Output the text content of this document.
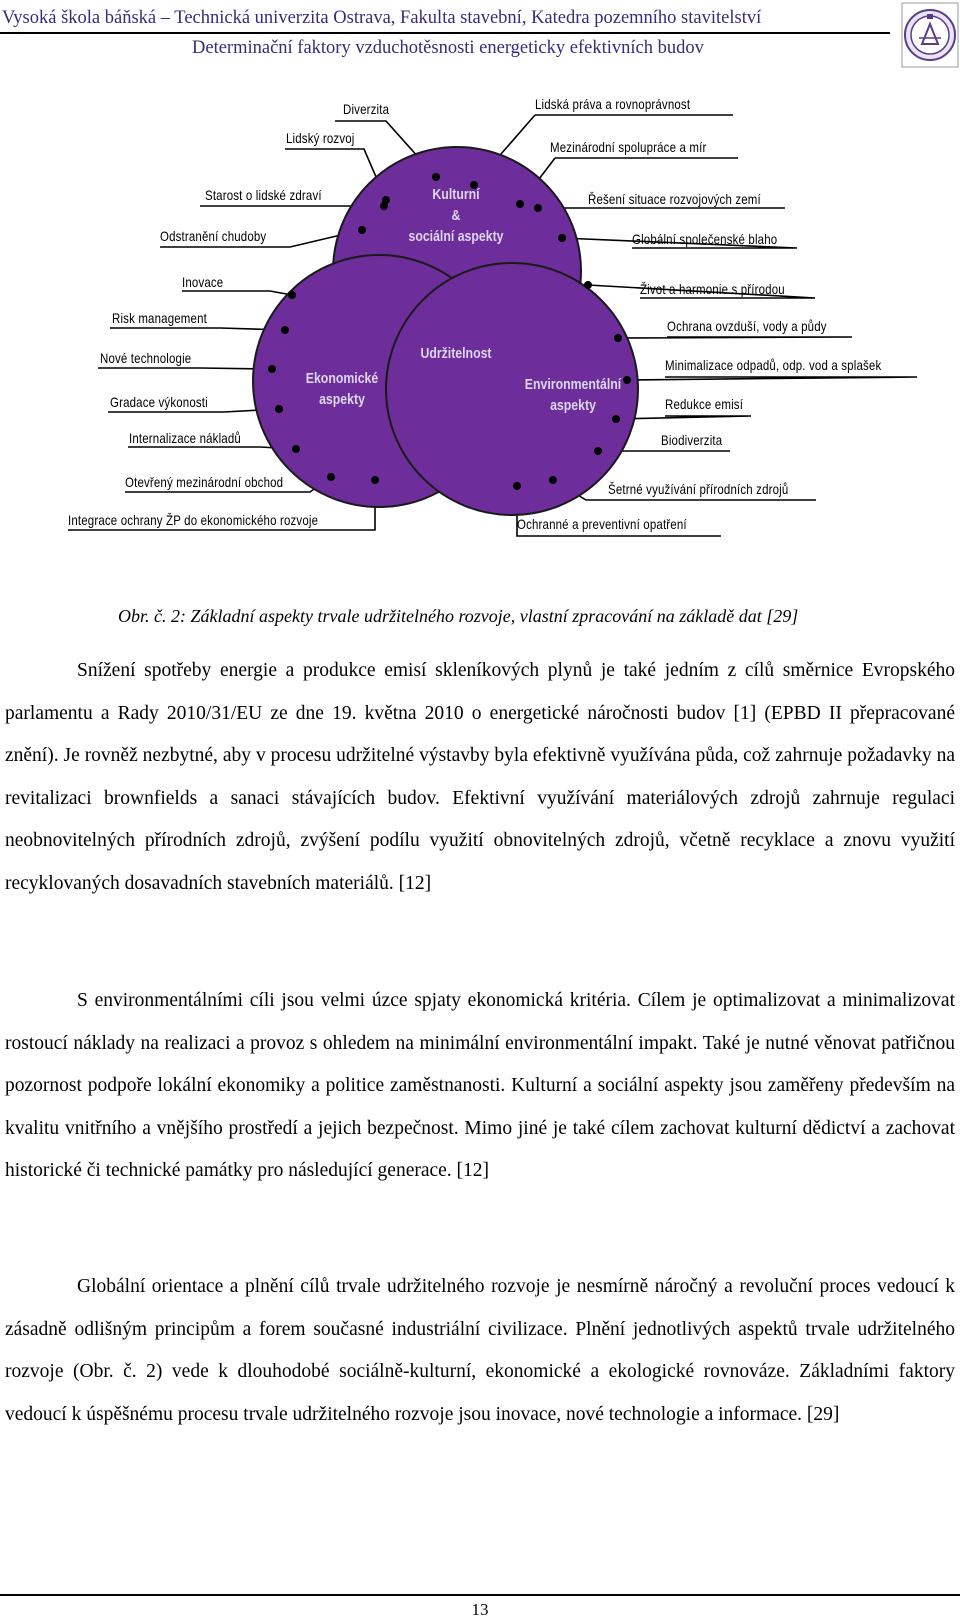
Vysoká škola báňská – Technická univerzita Ostrava, Fakulta stavební, Katedra pozemního stavitelství
Determinační faktory vzduchotěsnosti energeticky efektivních budov
Kulturní
&
sociální aspekty
Ekonomické
aspekty
Environmentální
aspekty
Udržitelnost
Diverzita
Lidský rozvoj
Lidská práva a rovnoprávnost
Mezinárodní spolupráce a mír
Starost o lidské zdraví
Odstranění chudoby
Řešení situace rozvojových zemí
Globální společenské blaho
Inovace
Risk management
Nové technologie
Gradace výkonosti
Internalizace nákladů
Otevřený mezinárodní obchod
Integrace ochrany ŽP do ekonomického rozvoje
Život a harmonie s přírodou
Ochrana ovzduší, vody a půdy
Minimalizace odpadů, odp. vod a splašek
Redukce emisí
Biodiverzita
Šetrné využívání přírodních zdrojů
Ochranné a preventivní opatření
Obr. č. 2: Základní aspekty trvale udržitelného rozvoje, vlastní zpracování na základě dat [29]

Snížení spotřeby energie a produkce emisí skleníkových plynů je také jedním z cílů směrnice Evropského parlamentu a Rady 2010/31/EU ze dne 19. května 2010 o energetické náročnosti budov [1] (EPBD II přepracované znění). Je rovněž nezbytné, aby v procesu udržitelné výstavby byla efektivně využívána půda, což zahrnuje požadavky na revitalizaci brownfields a sanaci stávajících budov. Efektivní využívání materiálových zdrojů zahrnuje regulaci neobnovitelných přírodních zdrojů, zvýšení podílu využití obnovitelných zdrojů, včetně recyklace a znovu využití recyklovaných dosavadních stavebních materiálů. [12]

S environmentálními cíli jsou velmi úzce spjaty ekonomická kritéria. Cílem je optimalizovat a minimalizovat rostoucí náklady na realizaci a provoz s ohledem na minimální environmentální impakt. Také je nutné věnovat patřičnou pozornost podpoře lokální ekonomiky a politice zaměstnanosti. Kulturní a sociální aspekty jsou zaměřeny především na kvalitu vnitřního a vnějšího prostředí a jejich bezpečnost. Mimo jiné je také cílem zachovat kulturní dědictví a zachovat historické či technické památky pro následující generace. [12]

Globální orientace a plnění cílů trvale udržitelného rozvoje je nesmírně náročný a revoluční proces vedoucí k zásadně odlišným principům a forem současné industriální civilizace. Plnění jednotlivých aspektů trvale udržitelného rozvoje (Obr. č. 2) vede k dlouhodobé sociálně-kulturní, ekonomické a ekologické rovnováze. Základními faktory vedoucí k úspěšnému procesu trvale udržitelného rozvoje jsou inovace, nové technologie a informace. [29]

13
